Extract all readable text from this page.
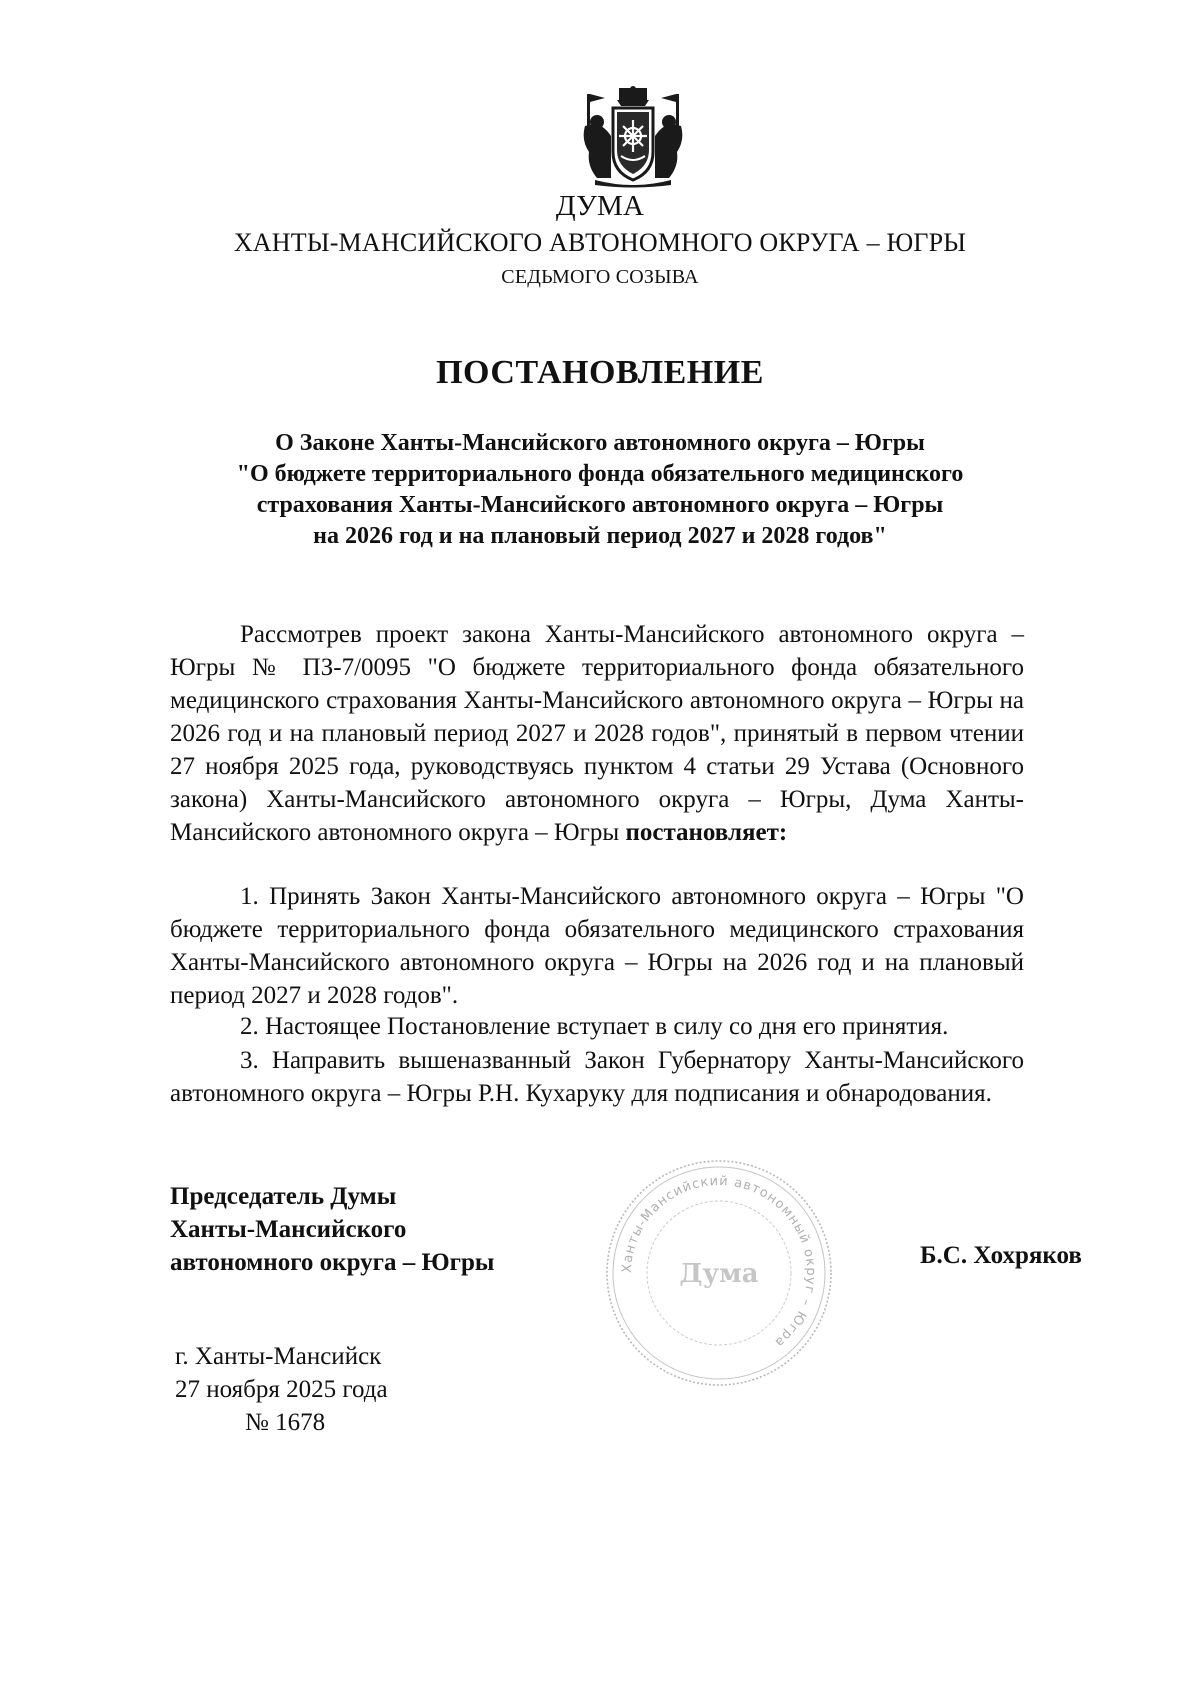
ДУМА
ХАНТЫ-МАНСИЙСКОГО АВТОНОМНОГО ОКРУГА – ЮГРЫ
СЕДЬМОГО СОЗЫВА
ПОСТАНОВЛЕНИЕ
О Законе Ханты-Мансийского автономного округа – Югры
"О бюджете территориального фонда обязательного медицинского
страхования Ханты-Мансийского автономного округа – Югры
на 2026 год и на плановый период 2027 и 2028 годов"
Рассмотрев проект закона Ханты-Мансийского автономного округа – Югры № ПЗ-7/0095 "О бюджете территориального фонда обязательного медицинского страхования Ханты-Мансийского автономного округа – Югры на 2026 год и на плановый период 2027 и 2028 годов", принятый в первом чтении 27 ноября 2025 года, руководствуясь пунктом 4 статьи 29 Устава (Основного закона) Ханты-Мансийского автономного округа – Югры, Дума Ханты-Мансийского автономного округа – Югры постановляет:
1. Принять Закон Ханты-Мансийского автономного округа – Югры "О бюджете территориального фонда обязательного медицинского страхования Ханты-Мансийского автономного округа – Югры на 2026 год и на плановый период 2027 и 2028 годов".
2. Настоящее Постановление вступает в силу со дня его принятия.
3. Направить вышеназванный Закон Губернатору Ханты-Мансийского автономного округа – Югры Р.Н. Кухаруку для подписания и обнародования.
Председатель Думы
Ханты-Мансийского
автономного округа – Югры	Ханты-Мансийский автономный округ – Югра
Дума
Б.С. Хохряков
г. Ханты-Мансийск
27 ноября 2025 года
№ 1678
